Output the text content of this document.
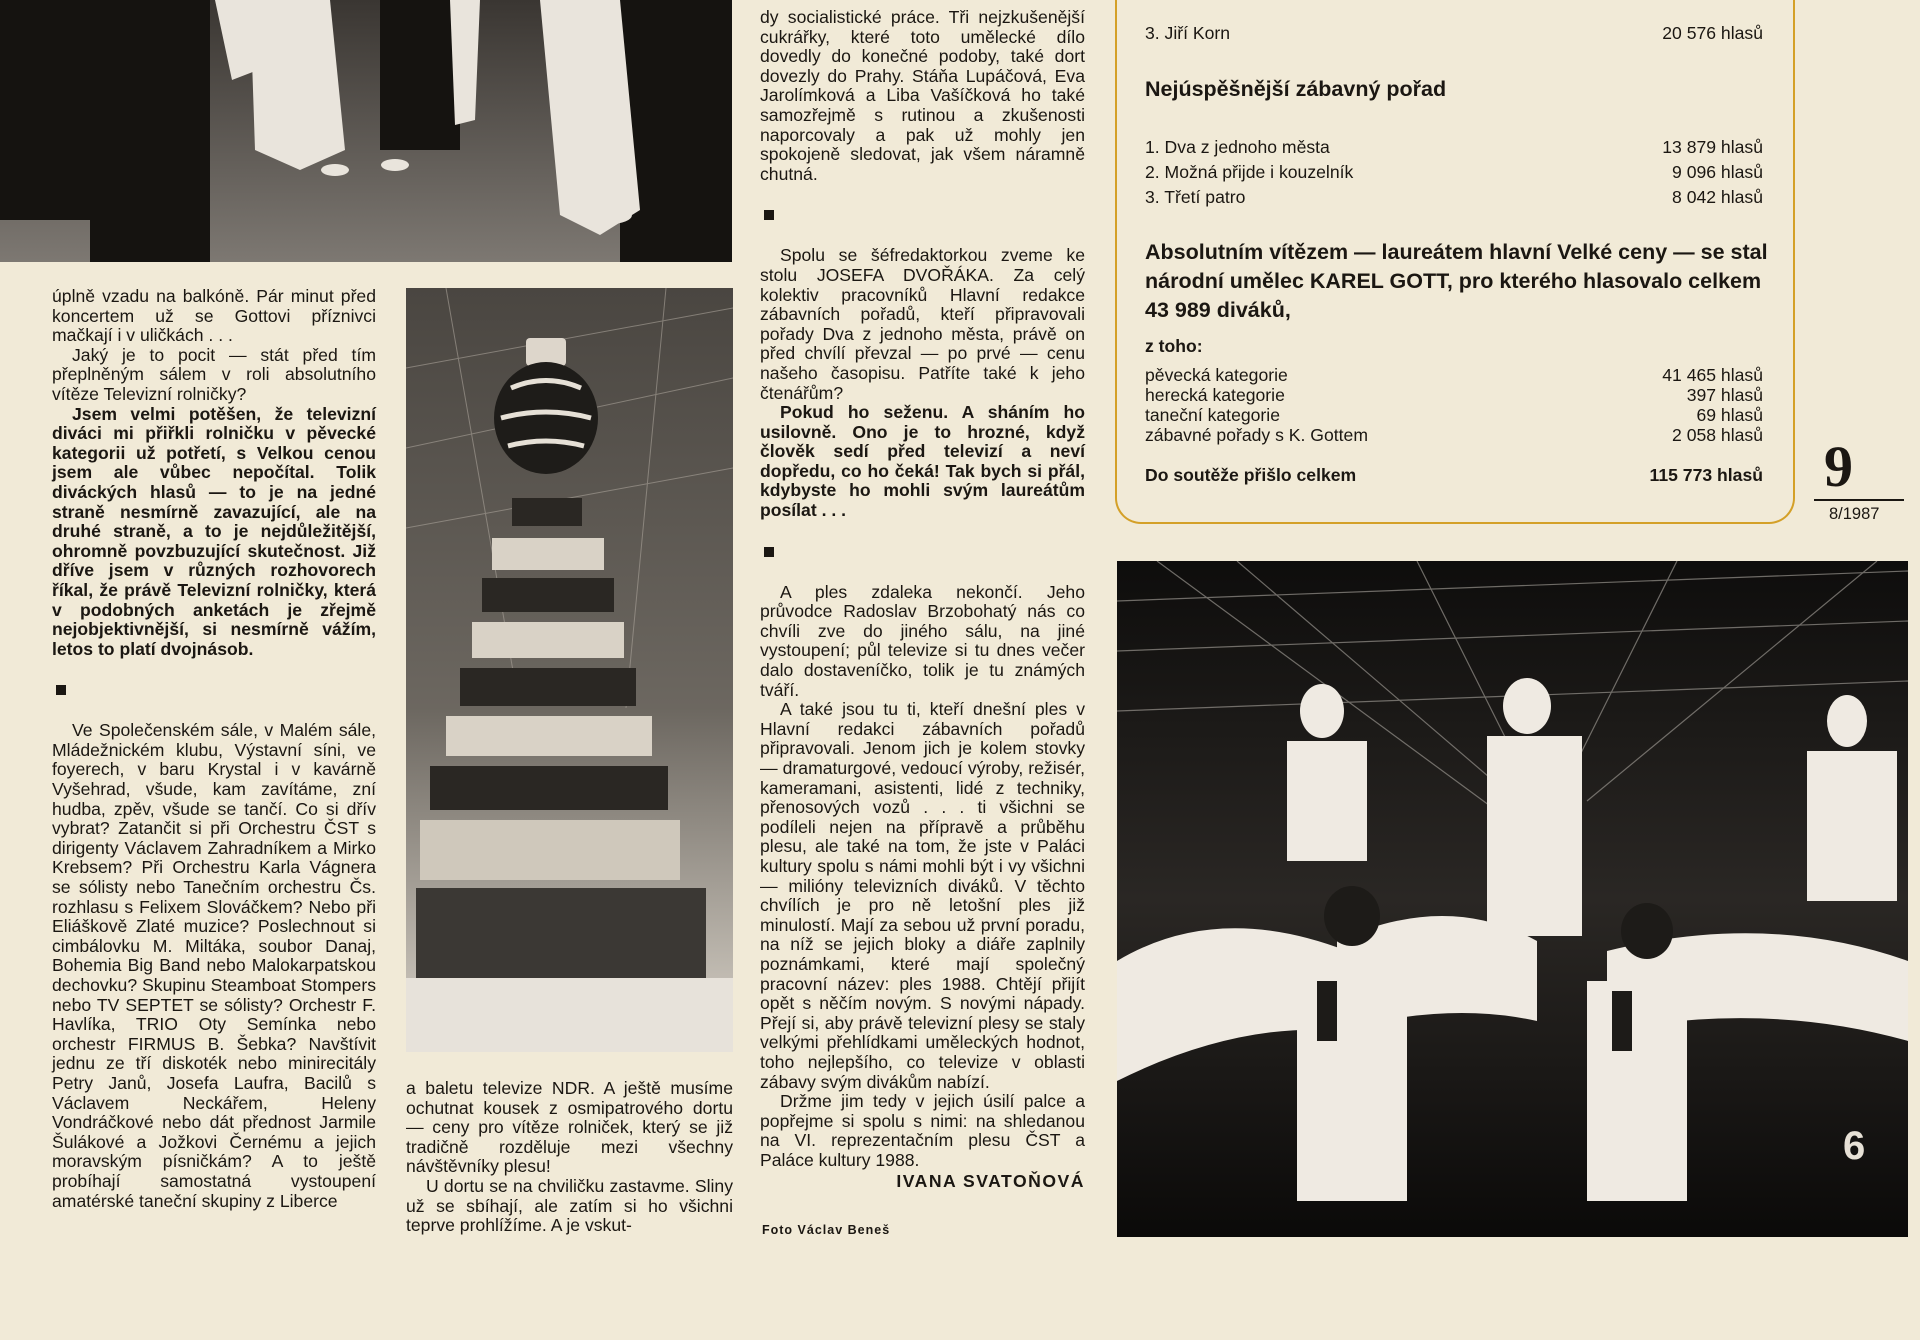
6

úplně vzadu na balkóně. Pár minut před koncertem už se Gottovi příznivci mačkají i v uličkách . . .

Jaký je to pocit — stát před tím přeplněným sálem v roli absolutního vítěze Televizní rolničky?

Jsem velmi potěšen, že televizní diváci mi přiřkli rolničku v pěvecké kategorii už potřetí, s Velkou cenou jsem ale vůbec nepočítal. Tolik diváckých hlasů — to je na jedné straně nesmírně zavazující, ale na druhé straně, a to je nejdůležitější, ohromně povzbuzující skutečnost. Již dříve jsem v různých rozhovorech říkal, že právě Televizní rolničky, která v podobných anketách je zřejmě nejobjektivnější, si nesmírně vážím, letos to platí dvojnásob.

Ve Společenském sále, v Malém sále, Mládežnickém klubu, Výstavní síni, ve foyerech, v baru Krystal i v kavárně Vyšehrad, všude, kam zavítáme, zní hudba, zpěv, všude se tančí. Co si dřív vybrat? Zatančit si při Orchestru ČST s dirigenty Václavem Zahradníkem a Mirko Krebsem? Při Orchestru Karla Vágnera se sólisty nebo Tanečním orchestru Čs. rozhlasu s Felixem Slováčkem? Nebo při Eliáškově Zlaté muzice? Poslechnout si cimbálovku M. Miltáka, soubor Danaj, Bohemia Big Band nebo Malokarpatskou dechovku? Skupinu Steamboat Stompers nebo TV SEPTET se sólisty? Orchestr F. Havlíka, TRIO Oty Semínka nebo orchestr FIRMUS B. Šebka? Navštívit jednu ze tří diskoték nebo minirecitály Petry Janů, Josefa Laufra, Bacilů s Václavem Neckářem, Heleny Vondráčkové nebo dát přednost Jarmile Šulákové a Jožkovi Černému a jejich moravským písničkám? A to ještě probíhají samostatná vystoupení amatérské taneční skupiny z Liberce

a baletu televize NDR. A ještě musíme ochutnat kousek z osmipatrového dortu — ceny pro vítěze rolniček, který se již tradičně rozděluje mezi všechny návštěvníky plesu!

U dortu se na chviličku zastavme. Sliny už se sbíhají, ale zatím si ho všichni teprve prohlížíme. A je vskut-

dy socialistické práce. Tři nejzkušenější cukrářky, které toto umělecké dílo dovedly do konečné podoby, také dort dovezly do Prahy. Stáňa Lupáčová, Eva Jarolímková a Liba Vašíčková ho také samozřejmě s rutinou a zkušenosti naporcovaly a pak už mohly jen spokojeně sledovat, jak všem náramně chutná.

Spolu se šéfredaktorkou zveme ke stolu JOSEFA DVOŘÁKA. Za celý kolektiv pracovníků Hlavní redakce zábavních pořadů, kteří připravovali pořady Dva z jednoho města, právě on před chvílí převzal — po prvé — cenu našeho časopisu. Patříte také k jeho čtenářům?

Pokud ho seženu. A sháním ho usilovně. Ono je to hrozné, když člověk sedí před televizí a neví dopředu, co ho čeká! Tak bych si přál, kdybyste ho mohli svým laureátům posílat . . .

A ples zdaleka nekončí. Jeho průvodce Radoslav Brzobohatý nás co chvíli zve do jiného sálu, na jiné vystoupení; půl televize si tu dnes večer dalo dostaveníčko, tolik je tu známých tváří.

A také jsou tu ti, kteří dnešní ples v Hlavní redakci zábavních pořadů připravovali. Jenom jich je kolem stovky — dramaturgové, vedoucí výroby, režisér, kameramani, asistenti, lidé z techniky, přenosových vozů . . . ti všichni se podíleli nejen na přípravě a průběhu plesu, ale také na tom, že jste v Paláci kultury spolu s námi mohli být i vy všichni — milióny televizních diváků. V těchto chvílích je pro ně letošní ples již minulostí. Mají za sebou už první poradu, na níž se jejich bloky a diáře zaplnily poznámkami, které mají společný pracovní název: ples 1988. Chtějí přijít opět s něčím novým. S novými nápady. Přejí si, aby právě televizní plesy se staly velkými přehlídkami uměleckých hodnot, toho nejlepšího, co televize v oblasti zábavy svým divákům nabízí.

Držme jim tedy v jejich úsilí palce a popřejme si spolu s nimi: na shledanou na VI. reprezentačním plesu ČST a Paláce kultury 1988.

IVANA SVATOŇOVÁ
Foto Václav Beneš
3. Jiří Korn	20 576 hlasů
Nejúspěšnější zábavný pořad
1. Dva z jednoho města	13 879 hlasů
2. Možná přijde i kouzelník	9 096 hlasů
3. Třetí patro	8 042 hlasů
Absolutním vítězem — laureátem hlavní Velké ceny — se stal národní umělec KAREL GOTT, pro kterého hlasovalo celkem 43 989 diváků,
z toho:
pěvecká kategorie	41 465 hlasů
herecká kategorie	397 hlasů
taneční kategorie	69 hlasů
zábavné pořady s K. Gottem	2 058 hlasů
Do soutěže přišlo celkem	115 773 hlasů 9
8/1987
